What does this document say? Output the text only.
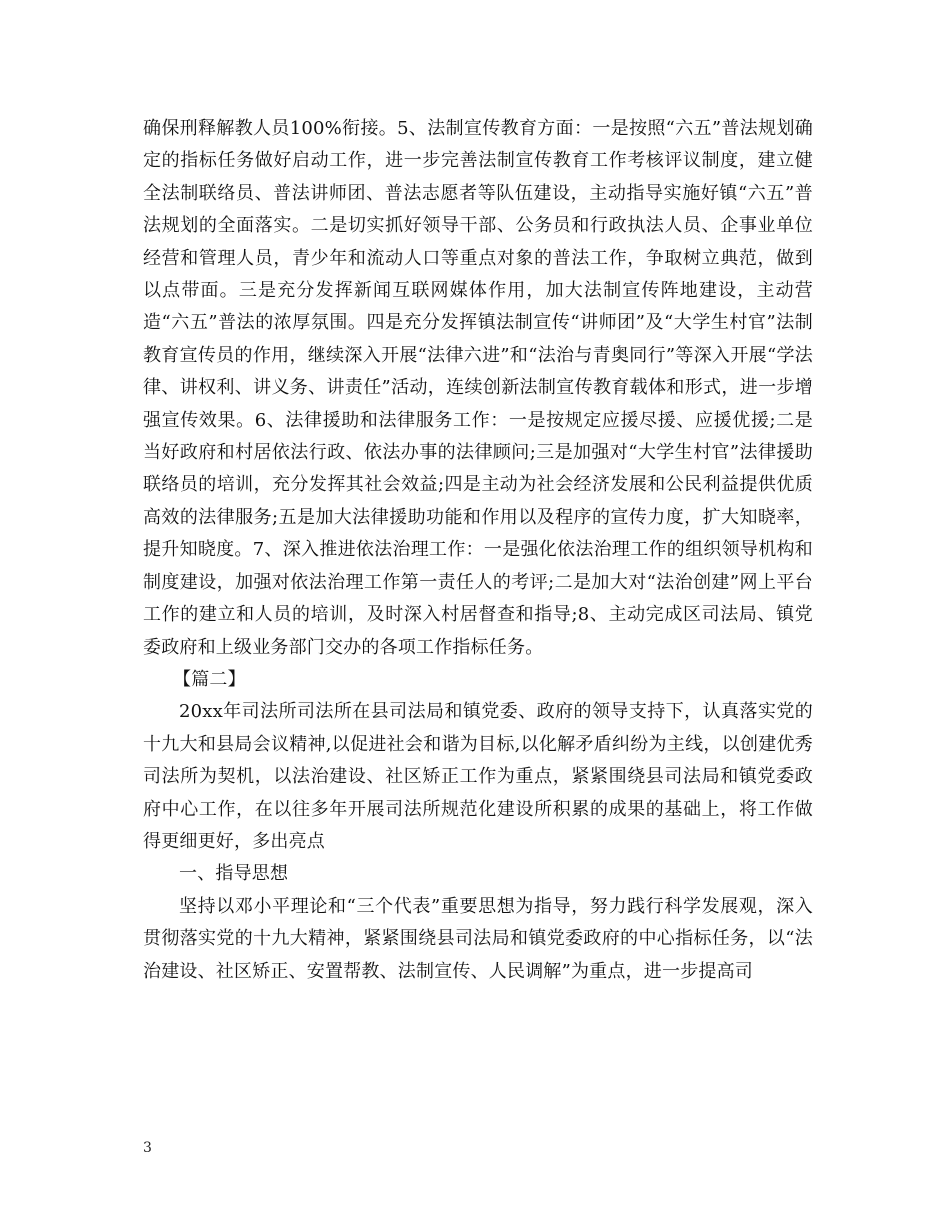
确保刑释解教人员100%衔接。5、法制宣传教育方面：一是按照“六五”普法规划确定的指标任务做好启动工作，进一步完善法制宣传教育工作考核评议制度，建立健全法制联络员、普法讲师团、普法志愿者等队伍建设，主动指导实施好镇“六五”普法规划的全面落实。二是切实抓好领导干部、公务员和行政执法人员、企事业单位经营和管理人员，青少年和流动人口等重点对象的普法工作，争取树立典范，做到以点带面。三是充分发挥新闻互联网媒体作用，加大法制宣传阵地建设，主动营造“六五”普法的浓厚氛围。四是充分发挥镇法制宣传“讲师团”及“大学生村官”法制教育宣传员的作用，继续深入开展“法律六进”和“法治与青奥同行”等深入开展“学法律、讲权利、讲义务、讲责任”活动，连续创新法制宣传教育载体和形式，进一步增强宣传效果。6、法律援助和法律服务工作：一是按规定应援尽援、应援优援;二是当好政府和村居依法行政、依法办事的法律顾问;三是加强对“大学生村官”法律援助联络员的培训，充分发挥其社会效益;四是主动为社会经济发展和公民利益提供优质高效的法律服务;五是加大法律援助功能和作用以及程序的宣传力度，扩大知晓率，提升知晓度。7、深入推进依法治理工作：一是强化依法治理工作的组织领导机构和制度建设，加强对依法治理工作第一责任人的考评;二是加大对“法治创建”网上平台工作的建立和人员的培训，及时深入村居督查和指导;8、主动完成区司法局、镇党委政府和上级业务部门交办的各项工作指标任务。

【篇二】

20xx年司法所司法所在县司法局和镇党委、政府的领导支持下，认真落实党的十九大和县局会议精神,以促进社会和谐为目标,以化解矛盾纠纷为主线，以创建优秀司法所为契机，以法治建设、社区矫正工作为重点，紧紧围绕县司法局和镇党委政府中心工作，在以往多年开展司法所规范化建设所积累的成果的基础上，将工作做得更细更好，多出亮点

一、指导思想

坚持以邓小平理论和“三个代表”重要思想为指导，努力践行科学发展观，深入贯彻落实党的十九大精神，紧紧围绕县司法局和镇党委政府的中心指标任务，以“法治建设、社区矫正、安置帮教、法制宣传、人民调解”为重点，进一步提高司

3
